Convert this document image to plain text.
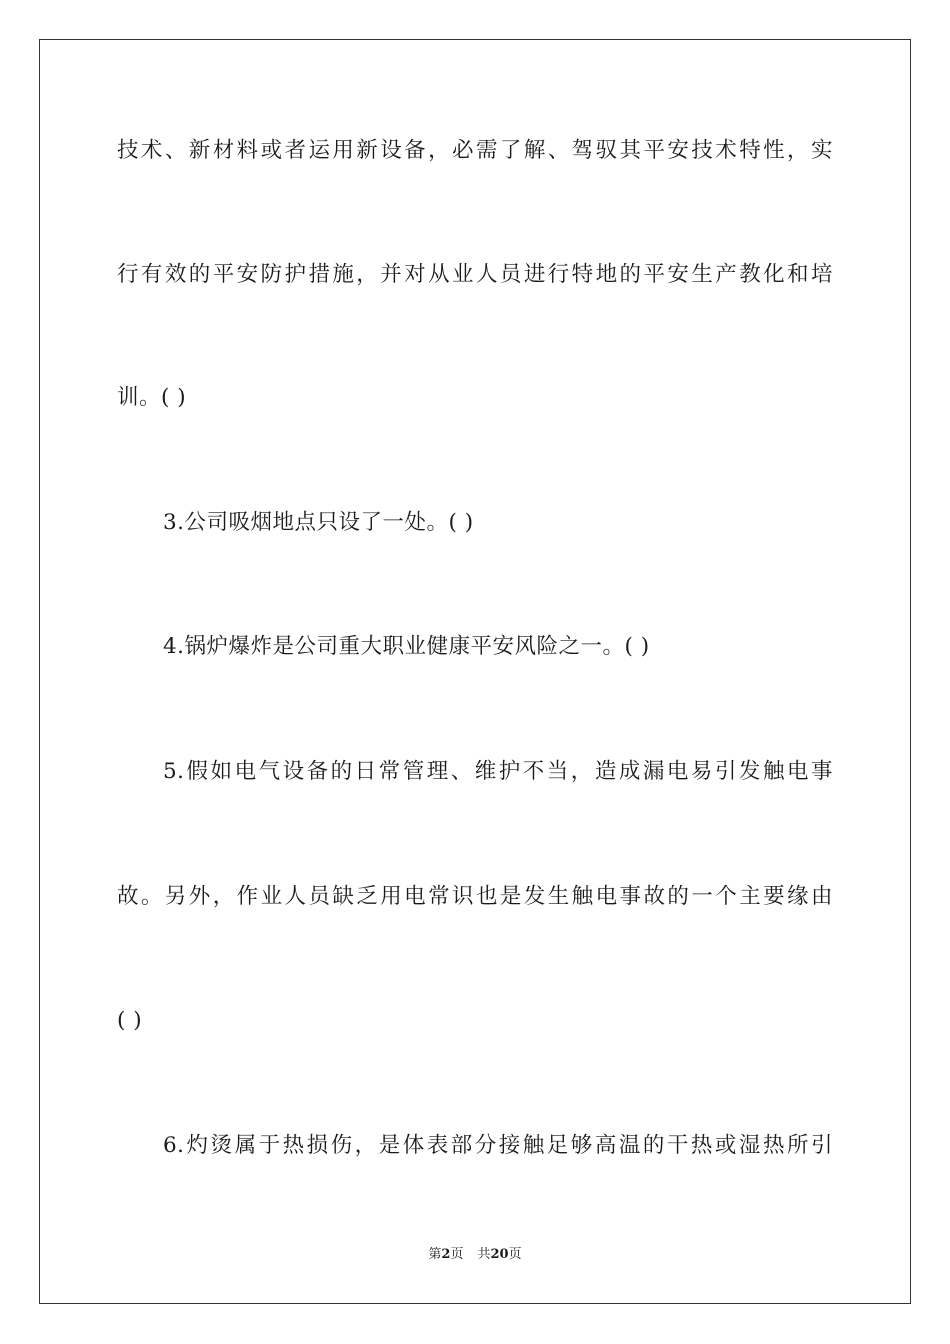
技术、新材料或者运用新设备，必需了解、驾驭其平安技术特性，实
行有效的平安防护措施，并对从业人员进行特地的平安生产教化和培
训。( )
3.公司吸烟地点只设了一处。( )
4.锅炉爆炸是公司重大职业健康平安风险之一。( )
5.假如电气设备的日常管理、维护不当，造成漏电易引发触电事
故。另外，作业人员缺乏用电常识也是发生触电事故的一个主要缘由
( )
6.灼烫属于热损伤，是体表部分接触足够高温的干热或湿热所引
第2页 共20页
